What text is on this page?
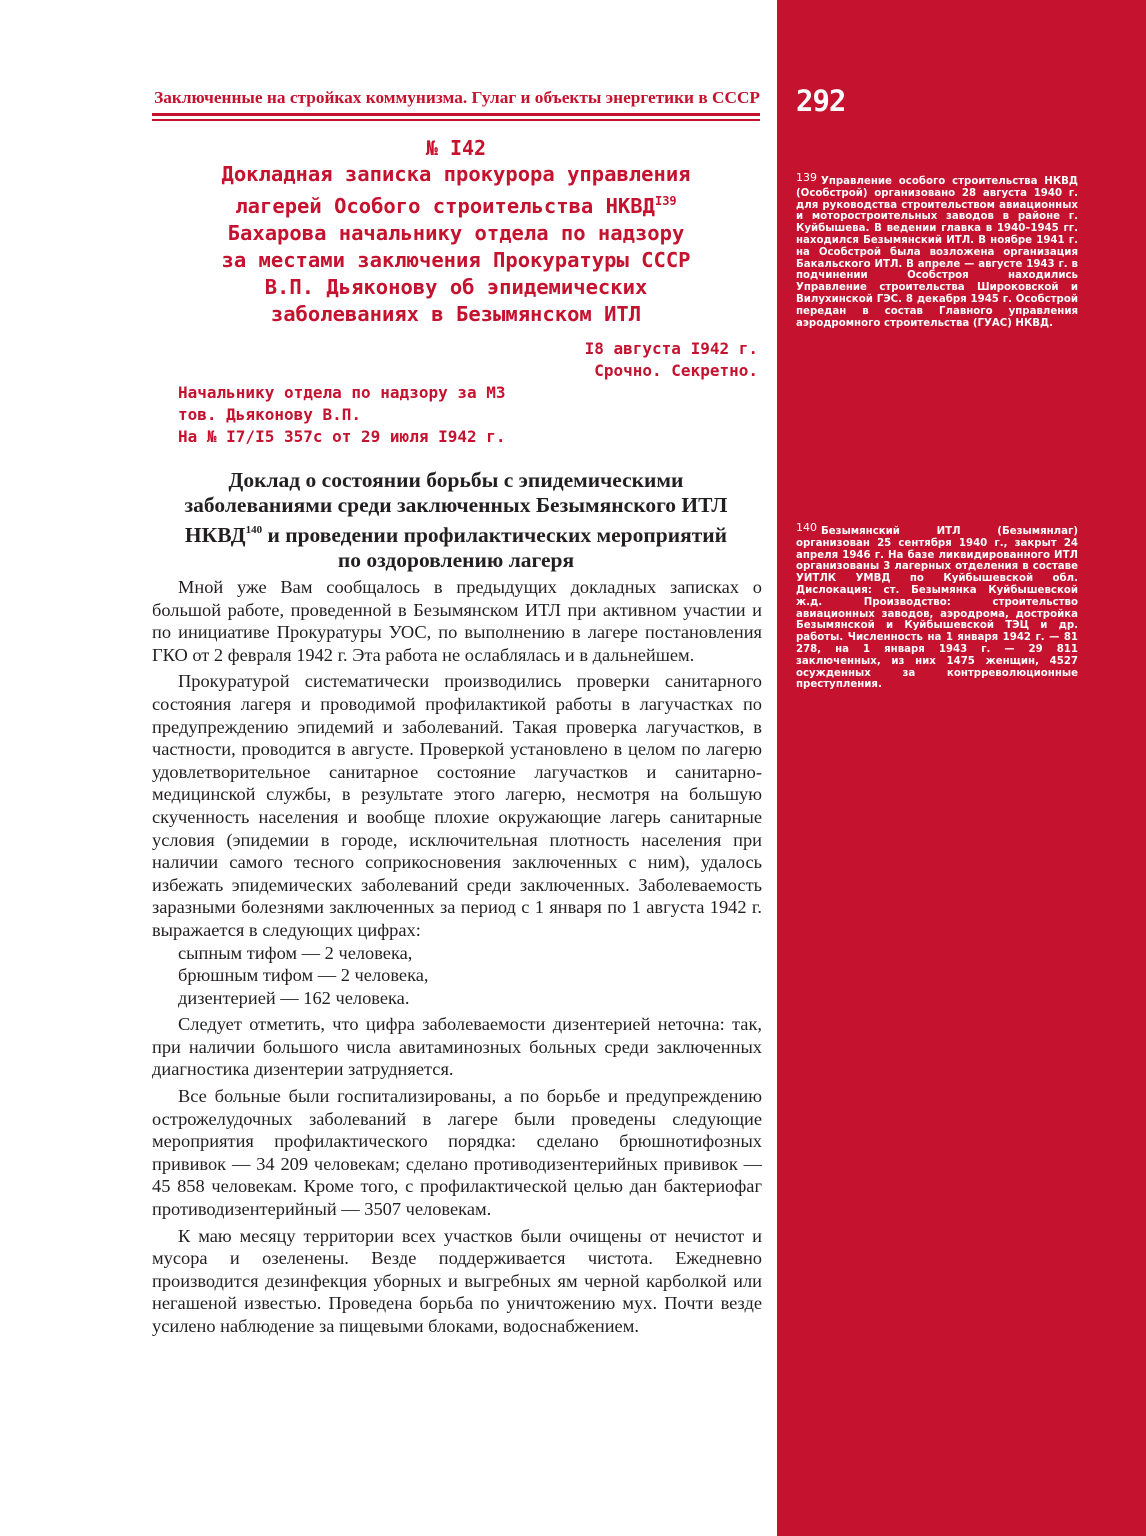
292
139 Управление особого строительства НКВД (Особстрой) организовано 28 августа 1940 г. для руководства строительством авиационных и моторостроительных заводов в районе г. Куйбышева. В ведении главка в 1940–1945 гг. находился Безымянский ИТЛ. В ноябре 1941 г. на Особстрой была возложена организация Бакальского ИТЛ. В апреле — августе 1943 г. в подчинении Особстроя находились Управление строительства Широковской и Вилухинской ГЭС. 8 декабря 1945 г. Особстрой передан в состав Главного управления аэродромного строительства (ГУАС) НКВД.
140 Безымянский ИТЛ (Безымянлаг) организован 25 сентября 1940 г., закрыт 24 апреля 1946 г. На базе ликвидированного ИТЛ организованы 3 лагерных отделения в составе УИТЛК УМВД по Куйбышевской обл. Дислокация: ст. Безымянка Куйбышевской ж.д. Производство: строительство авиационных заводов, аэродрома, достройка Безымянской и Куйбышевской ТЭЦ и др. работы. Численность на 1 января 1942 г. — 81 278, на 1 января 1943 г. — 29 811 заключенных, из них 1475 женщин, 4527 осужденных за контрреволюционные преступления.
Заключенные на стройках коммунизма. Гулаг и объекты энергетики в СССР
№ I42
Докладная записка прокурора управления
лагерей Особого строительства $НКВД^{I39}$
Бахарова начальнику отдела по надзору
за местами заключения Прокуратуры СССР
В.П. Дьяконову об эпидемических
заболеваниях в Безымянском ИТЛ
I8 августа I942 г.
Срочно. Секретно.
Начальнику отдела по надзору за МЗ
тов. Дьяконову В.П.
На № I7/I5 357с от 29 июля I942 г.
Доклад о состоянии борьбы с эпидемическими
заболеваниями среди заключенных Безымянского ИТЛ
НКВД$^{140}$ и проведении профилактических мероприятий
по оздоровлению лагеря

Мной уже Вам сообщалось в предыдущих докладных записках о большой работе, проведенной в Безымянском ИТЛ при активном участии и по инициативе Прокуратуры УОС, по выполнению в лагере постановления ГКО от 2 февраля 1942 г. Эта работа не ослаблялась и в дальнейшем.

Прокуратурой систематически производились проверки санитарного состояния лагеря и проводимой профилактикой работы в лагучастках по предупреждению эпидемий и заболеваний. Такая проверка лагучастков, в частности, проводится в августе. Проверкой установлено в целом по лагерю удовлетворительное санитарное состояние лагучастков и санитарно-медицинской службы, в результате этого лагерю, несмотря на большую скученность населения и вообще плохие окружающие лагерь санитарные условия (эпидемии в городе, исключительная плотность населения при наличии самого тесного соприкосновения заключенных с ним), удалось избежать эпидемических заболеваний среди заключенных. Заболеваемость заразными болезнями заключенных за период с 1 января по 1 августа 1942 г. выражается в следующих цифрах:

сыпным тифом — 2 человека,

брюшным тифом — 2 человека,

дизентерией — 162 человека.

Следует отметить, что цифра заболеваемости дизентерией неточна: так, при наличии большого числа авитаминозных больных среди заключенных диагностика дизентерии затрудняется.

Все больные были госпитализированы, а по борьбе и предупреждению острожелудочных заболеваний в лагере были проведены следующие мероприятия профилактического порядка: сделано брюшнотифозных прививок — 34 209 человекам; сделано противодизентерийных прививок — 45 858 человекам. Кроме того, с профилактической целью дан бактериофаг противодизентерийный — 3507 человекам.

К маю месяцу территории всех участков были очищены от нечистот и мусора и озеленены. Везде поддерживается чистота. Ежедневно производится дезинфекция уборных и выгребных ям черной карболкой или негашеной известью. Проведена борьба по уничтожению мух. Почти везде усилено наблюдение за пищевыми блоками, водоснабжением.
